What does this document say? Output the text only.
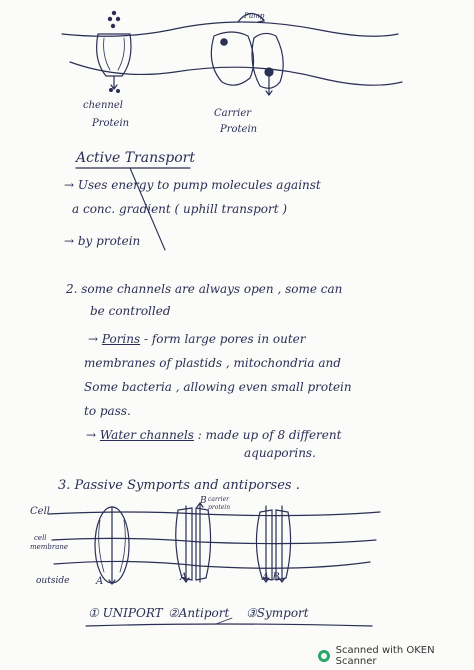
chennel
Protein
Carrier
Protein
Pump
Active Transport
→ Uses energy to pump molecules against
a conc. gradient ( uphill transport )
→ by protein
2. some channels are always open , some can
be controlled
→ Porins - form large pores in outer
membranes of plastids , mitochondria and
Some bacteria , allowing even small protein
to pass.
→ Water channels : made up of 8 different
aquaporins.
3. Passive Symports and antiporses .
Cell
cell
membrane
outside
carrier
protein
B
A	A	A B
① UNIPORT ②Antiport ③Symport
Scanned with OKEN Scanner
